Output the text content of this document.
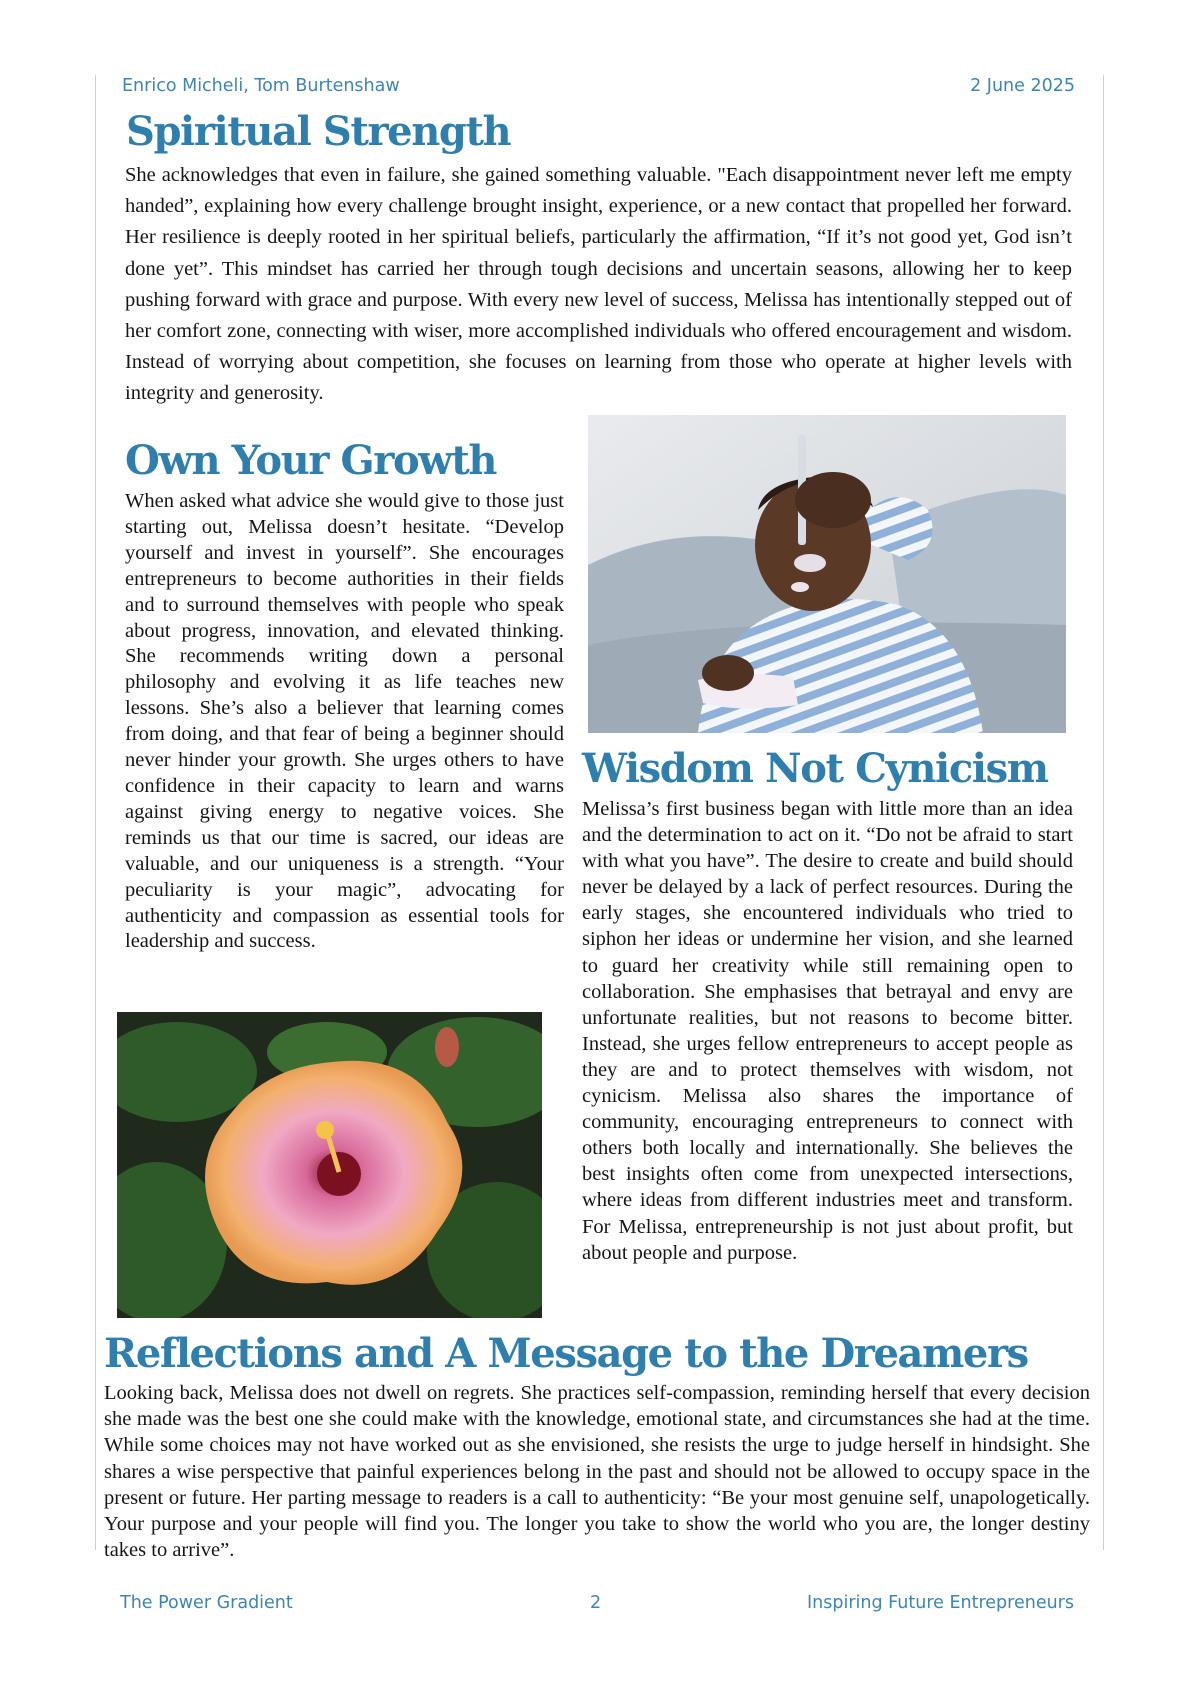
Enrico Micheli, Tom Burtenshaw	2 June 2025
Spiritual Strength

She acknowledges that even in failure, she gained something valuable. "Each disappointment never left me empty handed”, explaining how every challenge brought insight, experience, or a new contact that propelled her forward. Her resilience is deeply rooted in her spiritual beliefs, particularly the affirmation, “If it’s not good yet, God isn’t done yet”. This mindset has carried her through tough decisions and uncertain seasons, allowing her to keep pushing forward with grace and purpose. With every new level of success, Melissa has intentionally stepped out of her comfort zone, connecting with wiser, more accomplished individuals who offered encouragement and wisdom. Instead of worrying about competition, she focuses on learning from those who operate at higher levels with integrity and generosity.

Own Your Growth

When asked what advice she would give to those just starting out, Melissa doesn’t hesitate. “Develop yourself and invest in yourself”. She encourages entrepreneurs to become authorities in their fields and to surround themselves with people who speak about progress, innovation, and elevated thinking. She recommends writing down a personal philosophy and evolving it as life teaches new lessons. She’s also a believer that learning comes from doing, and that fear of being a beginner should never hinder your growth. She urges others to have confidence in their capacity to learn and warns against giving energy to negative voices. She reminds us that our time is sacred, our ideas are valuable, and our uniqueness is a strength. “Your peculiarity is your magic”, advocating for authenticity and compassion as essential tools for leadership and success.

Wisdom Not Cynicism

Melissa’s first business began with little more than an idea and the determination to act on it. “Do not be afraid to start with what you have”. The desire to create and build should never be delayed by a lack of perfect resources. During the early stages, she encountered individuals who tried to siphon her ideas or undermine her vision, and she learned to guard her creativity while still remaining open to collaboration. She emphasises that betrayal and envy are unfortunate realities, but not reasons to become bitter. Instead, she urges fellow entrepreneurs to accept people as they are and to protect themselves with wisdom, not cynicism. Melissa also shares the importance of community, encouraging entrepreneurs to connect with others both locally and internationally. She believes the best insights often come from unexpected intersections, where ideas from different industries meet and transform. For Melissa, entrepreneurship is not just about profit, but about people and purpose.

Reflections and A Message to the Dreamers

Looking back, Melissa does not dwell on regrets. She practices self-compassion, reminding herself that every decision she made was the best one she could make with the knowledge, emotional state, and circumstances she had at the time. While some choices may not have worked out as she envisioned, she resists the urge to judge herself in hindsight. She shares a wise perspective that painful experiences belong in the past and should not be allowed to occupy space in the present or future. Her parting message to readers is a call to authenticity: “Be your most genuine self, unapologetically. Your purpose and your people will find you. The longer you take to show the world who you are, the longer destiny takes to arrive”.

The Power Gradient	2	Inspiring Future Entrepreneurs
